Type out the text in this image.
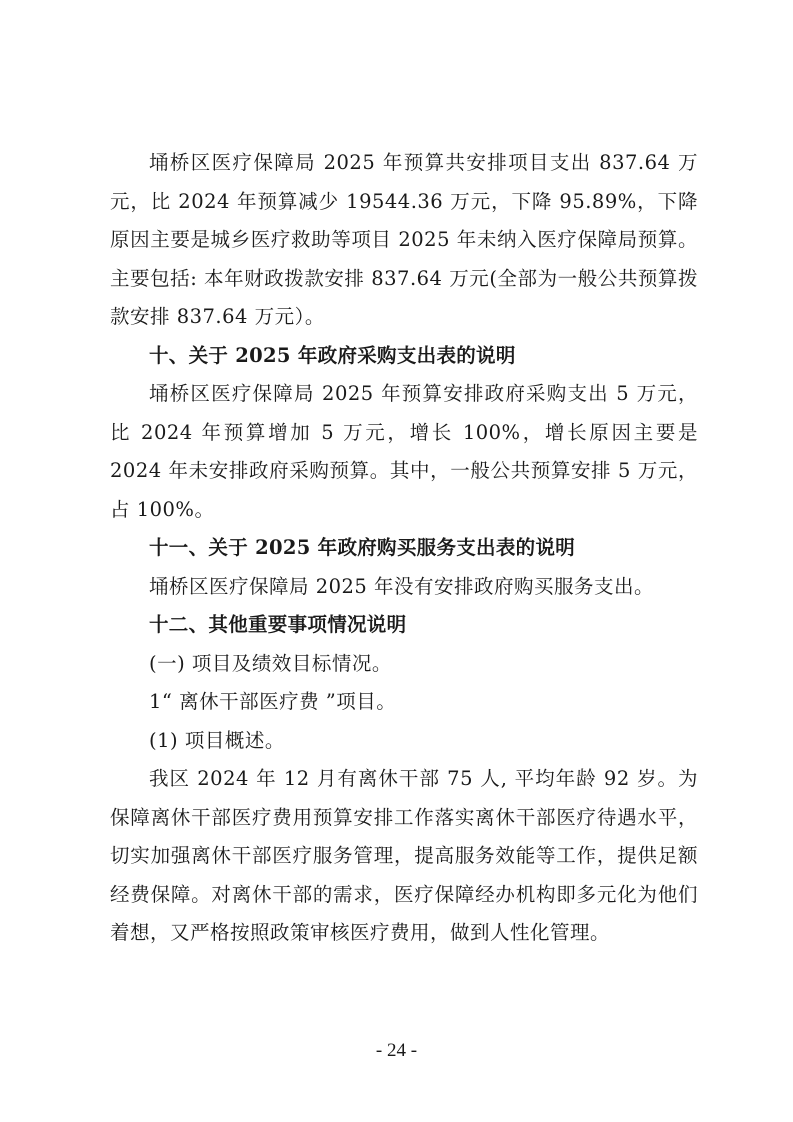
埇桥区医疗保障局 2025 年预算共安排项目支出 837.64 万元，比 2024 年预算减少 19544.36 万元，下降 95.89%，下降原因主要是城乡医疗救助等项目 2025 年未纳入医疗保障局预算。主要包括: 本年财政拨款安排 837.64 万元(全部为一般公共预算拨款安排 837.64 万元）。

十、关于 2025 年政府采购支出表的说明

埇桥区医疗保障局 2025 年预算安排政府采购支出 5 万元，比 2024 年预算增加 5 万元，增长 100%，增长原因主要是 2024 年未安排政府采购预算。其中，一般公共预算安排 5 万元，占 100%。

十一、关于 2025 年政府购买服务支出表的说明

埇桥区医疗保障局 2025 年没有安排政府购买服务支出。

十二、其他重要事项情况说明

(一) 项目及绩效目标情况。

1“ 离休干部医疗费 ”项目。

(1) 项目概述。

我区 2024 年 12 月有离休干部 75 人, 平均年龄 92 岁。为保障离休干部医疗费用预算安排工作落实离休干部医疗待遇水平，切实加强离休干部医疗服务管理，提高服务效能等工作，提供足额经费保障。对离休干部的需求，医疗保障经办机构即多元化为他们着想，又严格按照政策审核医疗费用，做到人性化管理。

- 24 -
